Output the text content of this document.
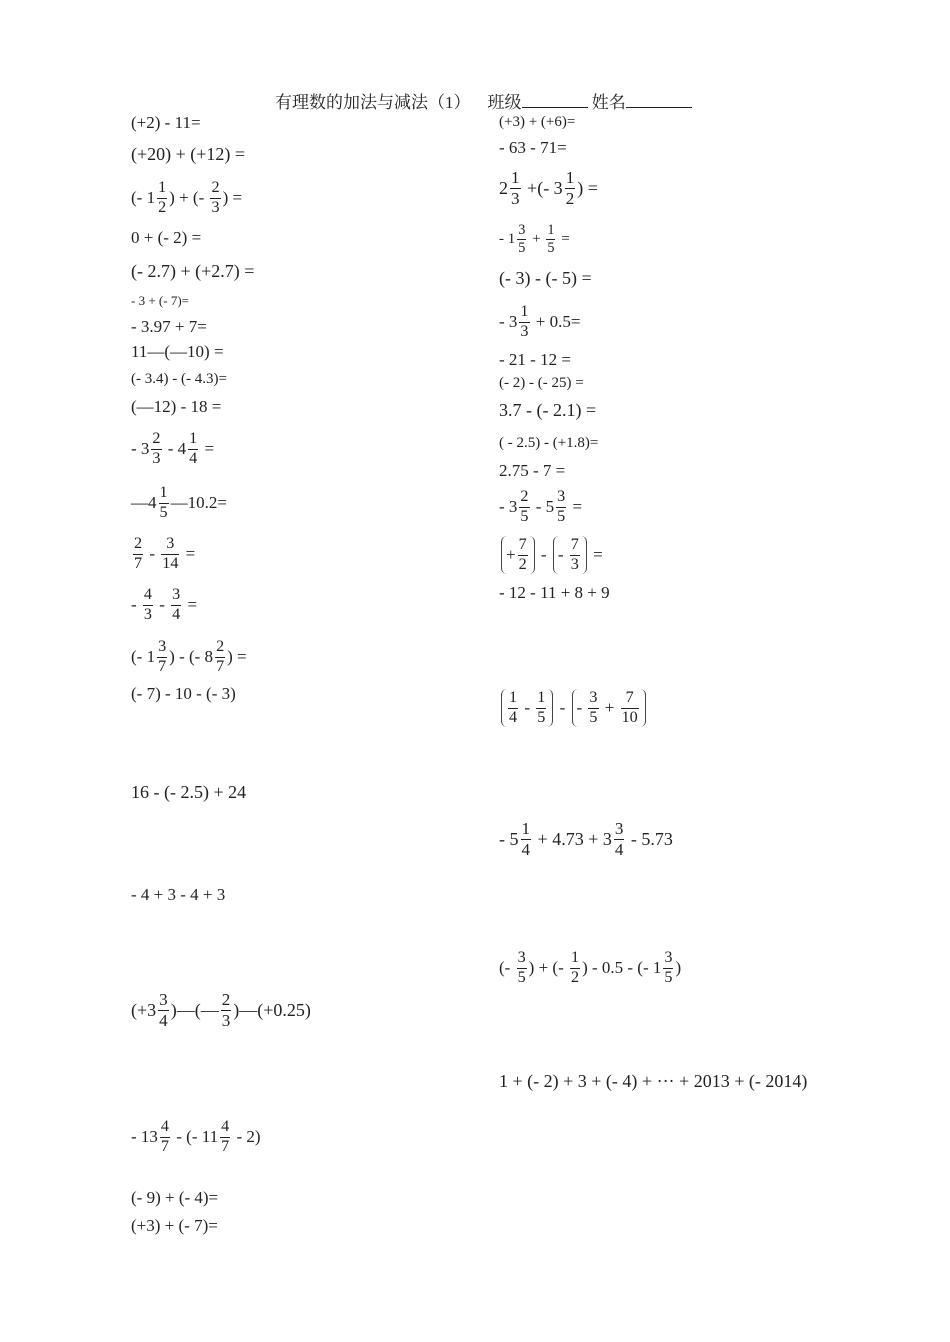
有理数的加法与减法（1） 班级	姓名
(+2) - 11=
(+20) + (+12) =
(- 1
1
2 ) + (-
2
3 ) =
0 + (- 2) =
(- 2.7) + (+2.7) =
- 3 + (- 7)=
- 3.97 + 7=
11—(—10) =
(- 3.4) - (- 4.3)=
(—12) - 18 =
- 3
2
3 - 4
1
4 =
—4
1
5 —10.2=
2
7 -
3
14 =
-
4
3 -
3
4 =
(- 1
3
7 ) - (- 8
2
7 ) =
(- 7) - 10 - (- 3)
16 - (- 2.5) + 24
- 4 + 3 - 4 + 3
(+3
3
4
)—(—
2
3
)—(+0.25)
- 13
4
7 - (- 11
4
7 - 2)
(- 9) + (- 4)=
(+3) + (- 7)=
(+3) + (+6)=
- 63 - 71=
2
1
3
+(- 3
1
2
) =
- 1
3
5
+
1
5
=
(- 3) - (- 5) =
- 3
1
3 + 0.5=
- 21 - 12 =
(- 2) - (- 25) =
3.7 - (- 2.1) =
( - 2.5) - (+1.8)=
2.75 - 7 =
- 3
2
5 - 5
3
5 =
+
7
2 - -
7
3 =
- 12 - 11 + 8 + 9
1
4 -
1
5 - -
3
5 +
7
10
- 5
1
4
+ 4.73 + 3
3
4
- 5.73
(-
3
5 ) + (-
1
2 ) - 0.5 - (- 1
3
5 )
1 + (- 2) + 3 + (- 4) + ··· + 2013 + (- 2014)
